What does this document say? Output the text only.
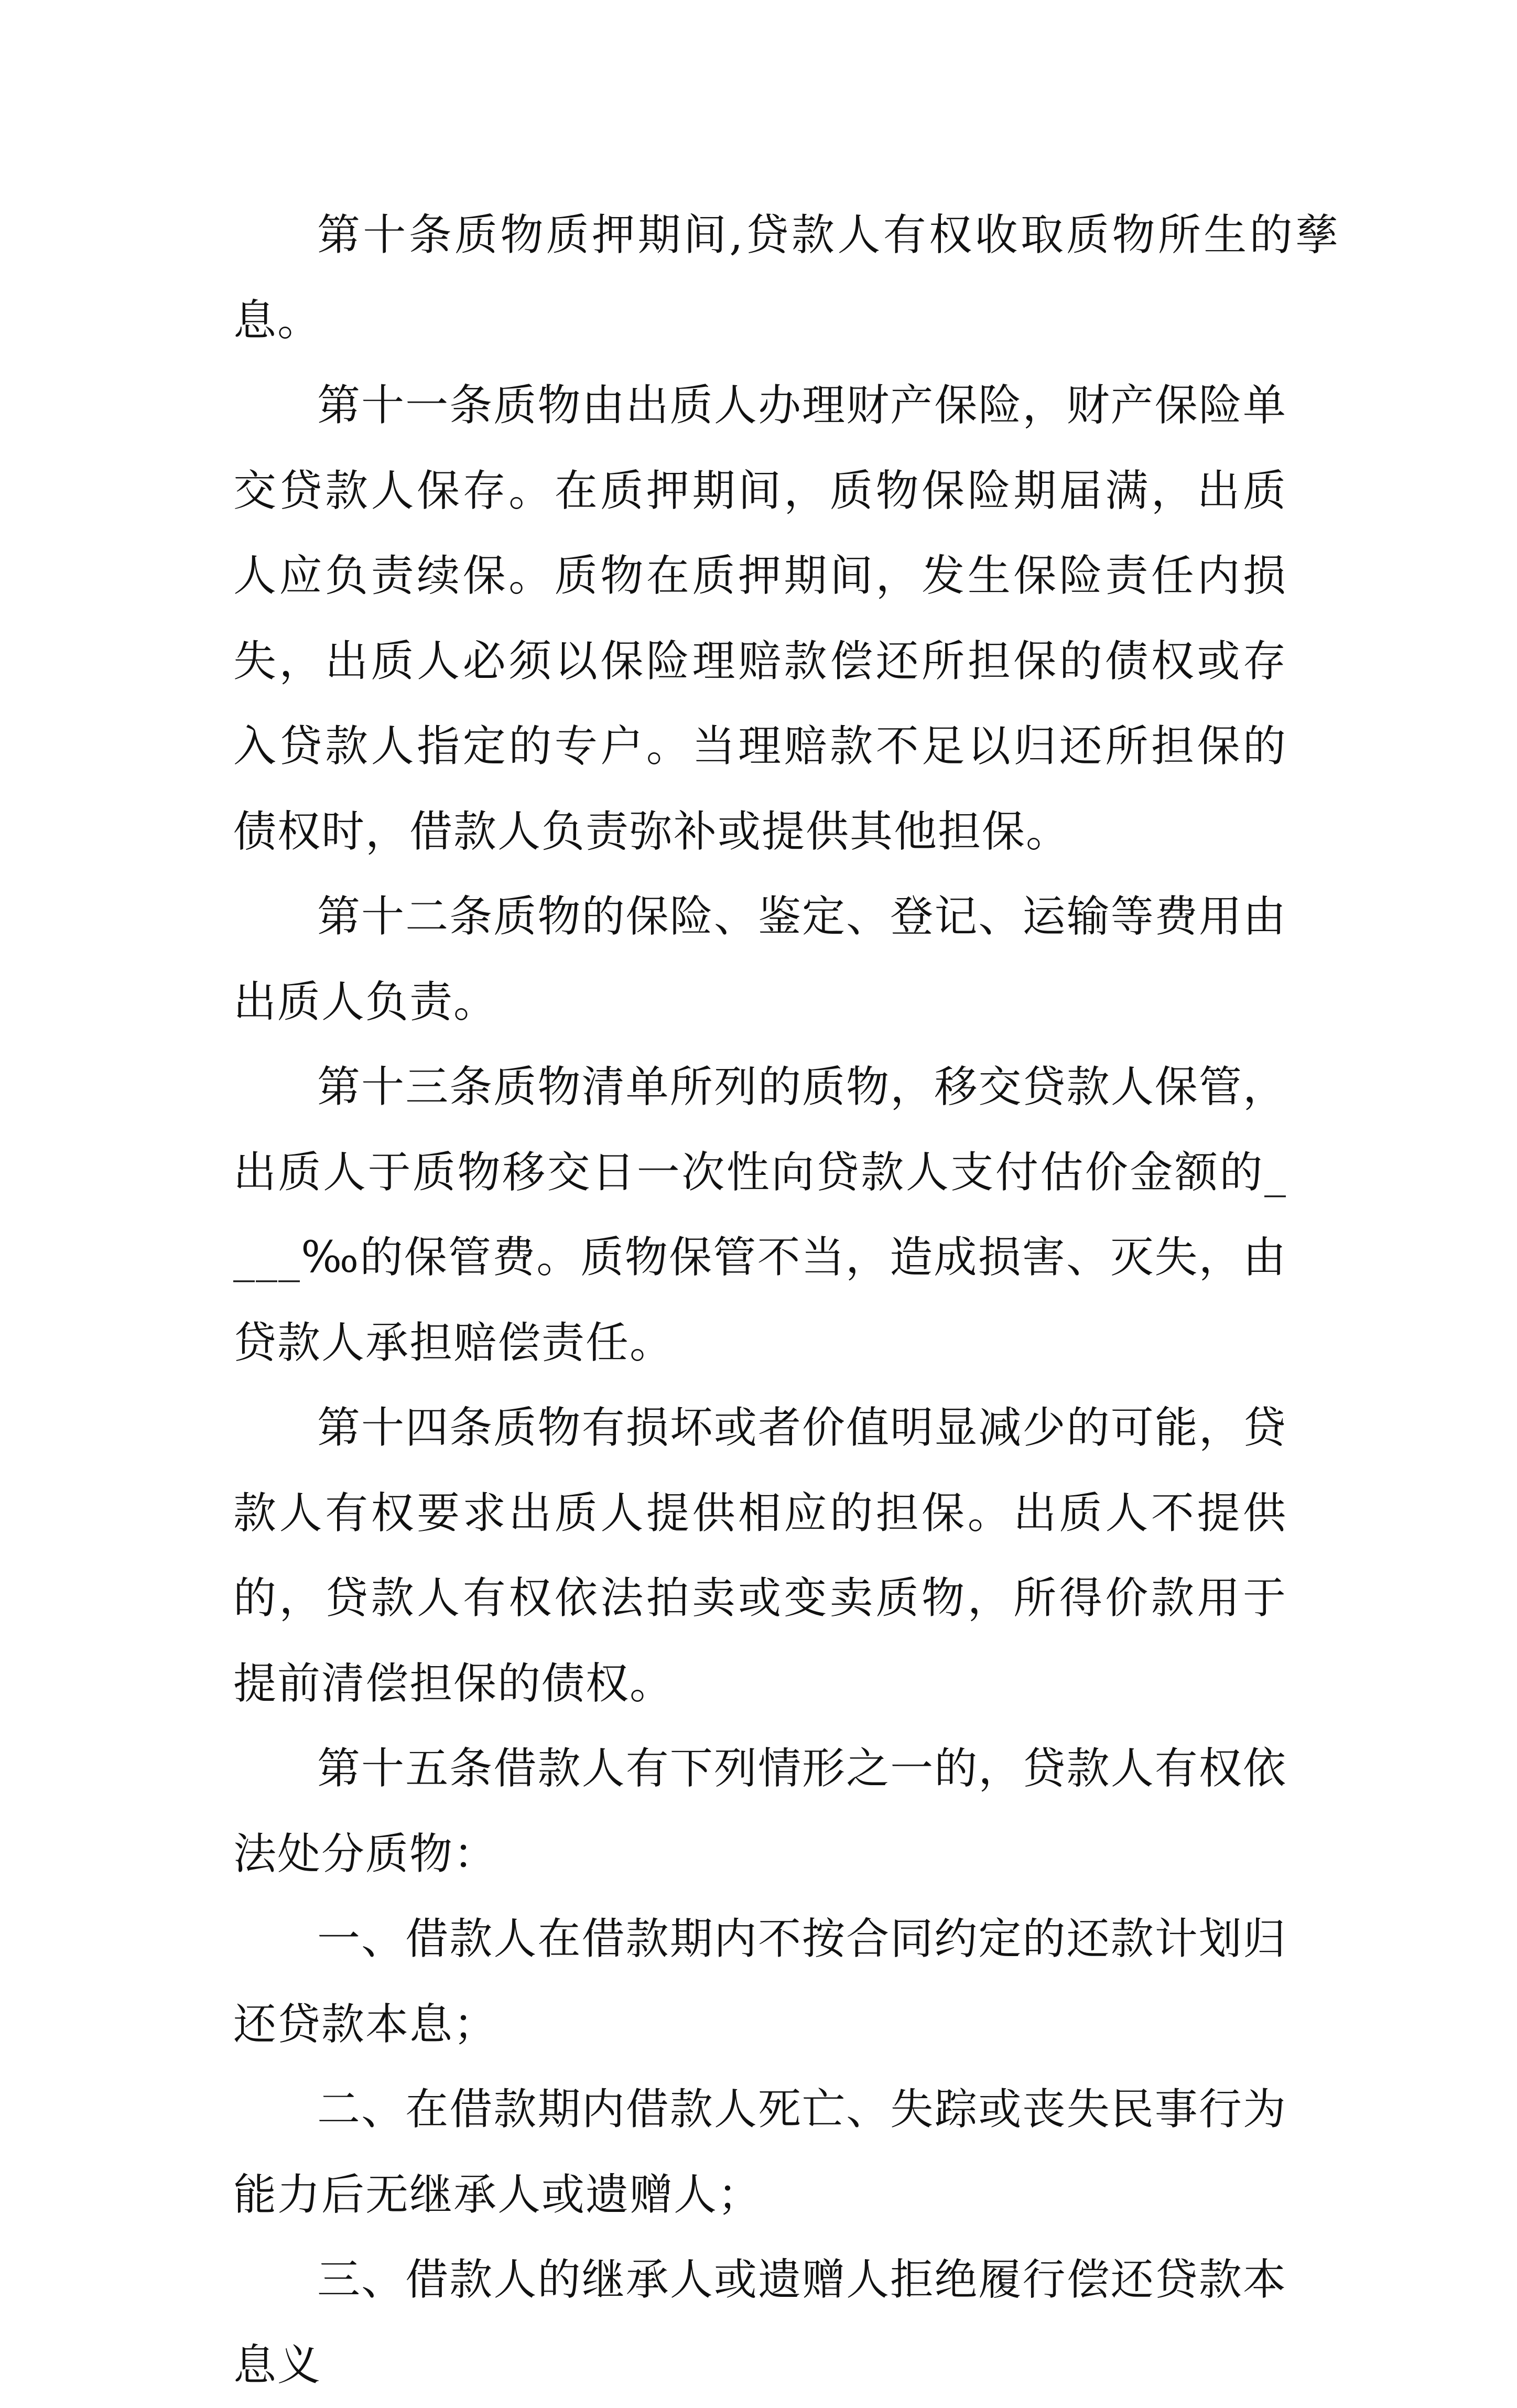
第十条质物质押期间,贷款人有权收取质物所生的孳息。

第十一条质物由出质人办理财产保险，财产保险单交贷款人保存。在质押期间，质物保险期届满，出质人应负责续保。质物在质押期间，发生保险责任内损失，出质人必须以保险理赔款偿还所担保的债权或存入贷款人指定的专户。当理赔款不足以归还所担保的债权时，借款人负责弥补或提供其他担保。

第十二条质物的保险、鉴定、登记、运输等费用由出质人负责。

第十三条质物清单所列的质物，移交贷款人保管，出质人于质物移交日一次性向贷款人支付估价金额的____‰的保管费。质物保管不当，造成损害、灭失，由贷款人承担赔偿责任。

第十四条质物有损坏或者价值明显减少的可能，贷款人有权要求出质人提供相应的担保。出质人不提供的，贷款人有权依法拍卖或变卖质物，所得价款用于提前清偿担保的债权。

第十五条借款人有下列情形之一的，贷款人有权依法处分质物：

一、借款人在借款期内不按合同约定的还款计划归还贷款本息；

二、在借款期内借款人死亡、失踪或丧失民事行为能力后无继承人或遗赠人；

三、借款人的继承人或遗赠人拒绝履行偿还贷款本息义
